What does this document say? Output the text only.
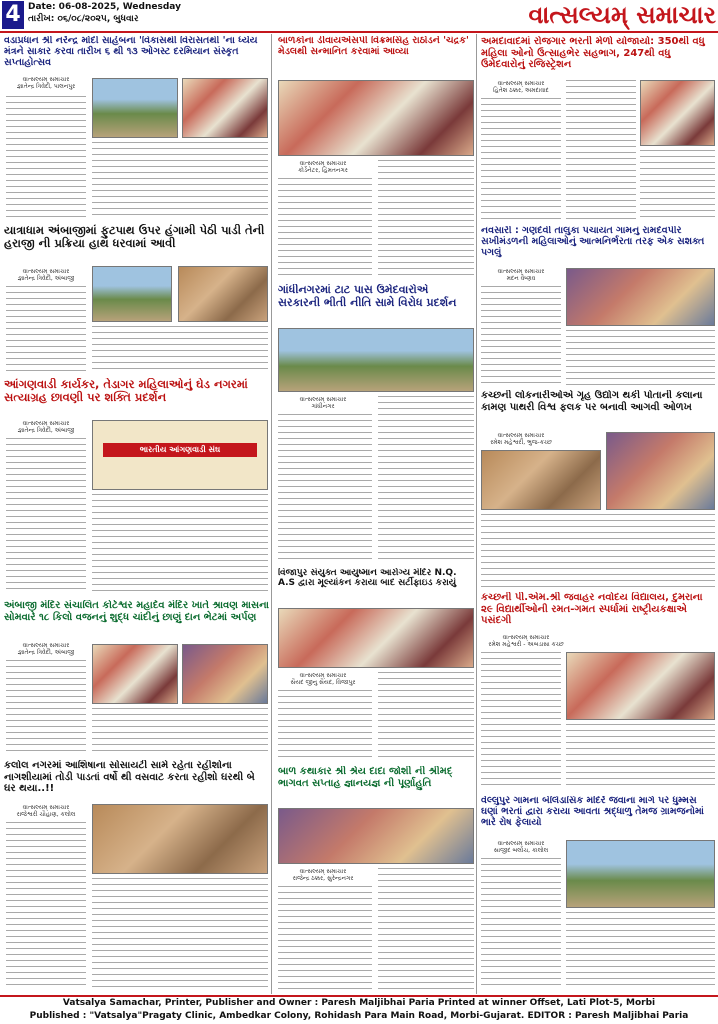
4 Date: 06-08-2025, Wednesday
તારીખ: ૦૬/૦૮/૨૦૨૫, બુધવાર	વાત્સલ્યમ્ સમાચાર
વડાપ્રધાન શ્રી નરેન્દ્ર મોદી સાહેબના 'વિકાસથી વિરાસતથી 'ના ધ્યેય મંત્રને સાકાર કરવા તારીખ ૬ થી ૧૩ ઓગસ્ટ દરમિયાન સંસ્કૃત સપ્તાહોત્સવ
વાત્સલ્યમ્ સમાચાર
જ્ઞાતેન્દ્ર ત્રિવેદી, પાલનપુર
યાત્રાધામ અંબાજીમાં ફુટપાથ ઉપર હંગામી પેઠી પાડી તેની હરાજી ની પ્રક્રિયા હાથ ધરવામાં આવી
વાત્સલ્યમ્ સમાચાર
જ્ઞાતેન્દ્ર ત્રિવેદી, અંબાજી
આંગણવાડી કાર્યકર, તેડાગર મહિલાઓનું ઘેડ નગરમાં સત્યાગ્રહ છાવણી પર શક્તિ પ્રદર્શન
વાત્સલ્યમ્ સમાચાર
જ્ઞાતેન્દ્ર ત્રિવેદી, અંબાજી
ભારતીય આંગણવાડી સંઘ
અંબાજી મંદિર સંચાલિત કોટેશ્વર મહાદેવ મંદિર ખાતે શ્રાવણ માસના સોમવારે ૧૮ કિલો વજનનું શુદ્ધ ચાંદીનું છાણું દાન ભેટમાં અર્પણ
વાત્સલ્યમ્ સમાચાર
જ્ઞાતેન્દ્ર ત્રિવેદી, અંબાજી
કલોલ નગરમાં આશિષાના સોસાયટી સામે રહેતા રહીશોના નાગશીયામાં તોડી પાડતાં વર્ષો થી વસવાટ કરતા રહીશો ઘરથી બે ઘર થયા..!!
વાત્સલ્યમ્ સમાચાર
રાજેશ્વરી ચૌહાણ, કલોલ
બાળકોના ડીવાયએસપી વિક્રમસિંહ રાઠોડને 'ચંદ્રક' મેડલથી સન્માનિત કરવામાં આવ્યા
વાત્સલ્યમ્ સમાચાર
કોર્ડેનેટર, હિંમતનગર
ગાંધીનગરમાં ટાટ પાસ ઉમેદવારોએ સરકારની ભીતી નીતિ સામે વિરોધ પ્રદર્શન
વાત્સલ્યમ્ સમાચાર
ગાંધીનગર
વિજાપુર સંયુક્ત આયુષ્માન આરોગ્ય મંદિર N.Q. A.S દ્વારા મૂલ્યાંકન કરાયા બાદ સર્ટીફાઇડ કરાયું
વાત્સલ્યમ્ સમાચાર
સૈયદ જીનુ સૈયદ, વિજાપુર
બાળ કથાકાર શ્રી શ્રેય દાદા જોશી ની શ્રીમદ્ ભાગવત સપ્તાહ જ્ઞાનયજ્ઞ ની પૂર્ણાહુતિ
વાત્સલ્યમ્ સમાચાર
રાજેન્દ્ર ઠક્કર, સુરેન્દ્રનગર
અમદાવાદમાં રોજગાર ભરતી મેળો યોજાયો: 350થી વધુ મહિલા ઓનો ઉત્સાહભેર સહભાગ, 247થી વધુ ઉમેદવારોનું રજિસ્ટ્રેશન
વાત્સલ્યમ્ સમાચાર
હિતેશ ઠક્કર, અમદાવાદ
નવસારી : ગણદેવી તાલુકા પંચાયત ગામનું રામદેવપીર સખીમંડળની મહિલાઓનું આત્મનિર્ભરતા તરફ એક સશક્ત પગલું
વાત્સલ્યમ્ સમાચાર
મદન વૈષ્ણવ
કચ્છની લોકનારીઓએ ગૃહ ઉદ્યોગ થકી પોતાની કલાના કામણ પાથરી વિશ્વ ફલક પર બનાવી આગવી ઓળખ
વાત્સલ્યમ્ સમાચાર
રમેશ મહેશ્વરી, ભુજ-કચ્છ
કચ્છની પી.એમ.શ્રી જવાહર નવોદય વિદ્યાલય, દુમરાના ૨૯ વિદ્યાર્થીઓની રમત-ગમત સ્પર્ધામાં રાષ્ટ્રીયકક્ષાએ પસંદગી
વાત્સલ્યમ્ સમાચાર
રમેશ મહેશ્વરી - અબડાસા કચ્છ
વેલ્લુપુર ગામના બેલિડાસિક મંદિરે જવાના માર્ગ પર ધુમ્મસ ઘણાં ભરતાં દ્વારા કરાયા આવતા શ્રદ્ધાળુ તેમજ ગ્રામજનોમાં ભારે રોષ ફેલાયો
વાત્સલ્યમ્ સમાચાર
સાજીદ બલોચ, કાલોલ
Vatsalya Samachar, Printer, Publisher and Owner : Paresh Maljibhai Paria Printed at winner Offset, Lati Plot-5, Morbi
Published : "Vatsalya"Pragaty Clinic, Ambedkar Colony, Rohidash Para Main Road, Morbi-Gujarat. EDITOR : Paresh Maljibhai Paria
